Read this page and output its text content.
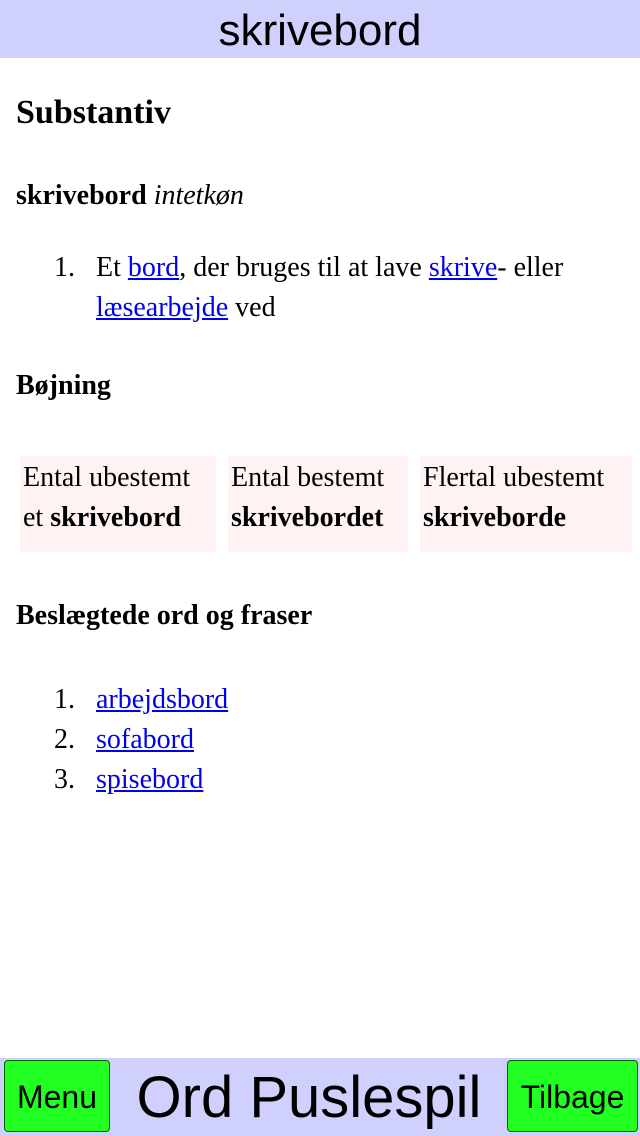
skrivebord
Substantiv
skrivebord intetkøn
1. Et bord, der bruges til at lave skrive- eller læsearbejde ved
Bøjning
Ental ubestemt
et skrivebord
Ental bestemt
skrivebordet
Flertal ubestemt
skriveborde
Beslægtede ord og fraser
1. arbejdsbord
2. sofabord
3. spisebord
Menu Ord Puslespil	Tilbage
